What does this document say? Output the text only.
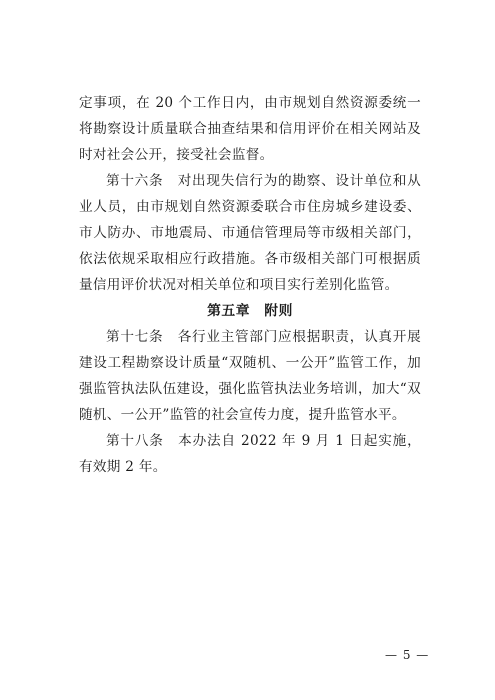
定事项，在 20 个工作日内，由市规划自然资源委统一将勘察设计质量联合抽查结果和信用评价在相关网站及时对社会公开，接受社会监督。

第十六条　对出现失信行为的勘察、设计单位和从业人员，由市规划自然资源委联合市住房城乡建设委、市人防办、市地震局、市通信管理局等市级相关部门，依法依规采取相应行政措施。各市级相关部门可根据质量信用评价状况对相关单位和项目实行差别化监管。

第五章　附则

第十七条　各行业主管部门应根据职责，认真开展建设工程勘察设计质量“双随机、一公开”监管工作，加强监管执法队伍建设，强化监管执法业务培训，加大“双随机、一公开”监管的社会宣传力度，提升监管水平。

第十八条　本办法自 2022 年 9 月 1 日起实施，有效期 2 年。

— 5 —
